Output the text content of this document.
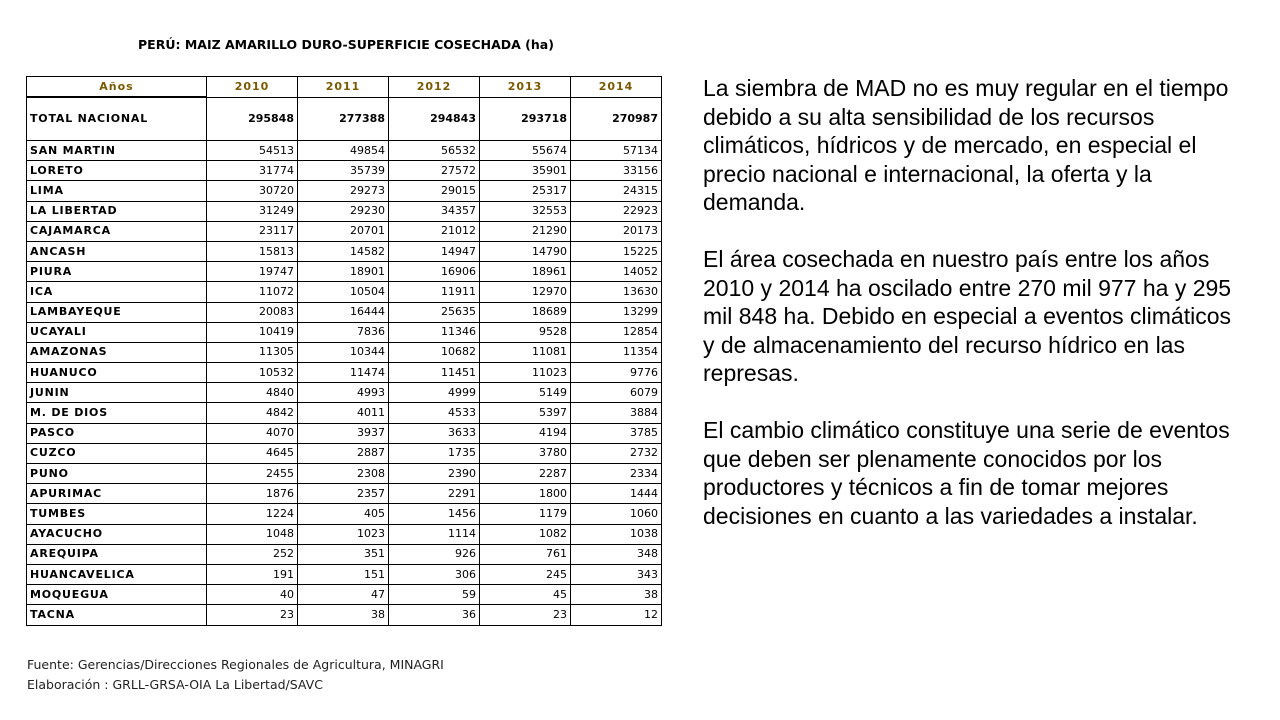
PERÚ: MAIZ AMARILLO DURO-SUPERFICIE COSECHADA (ha)
Años	2010	2011	2012	2013	2014
TOTAL NACIONAL	295848	277388	294843	293718	270987
SAN MARTIN	54513	49854	56532	55674	57134
LORETO	31774	35739	27572	35901	33156
LIMA	30720	29273	29015	25317	24315
LA LIBERTAD	31249	29230	34357	32553	22923
CAJAMARCA	23117	20701	21012	21290	20173
ANCASH	15813	14582	14947	14790	15225
PIURA	19747	18901	16906	18961	14052
ICA	11072	10504	11911	12970	13630
LAMBAYEQUE	20083	16444	25635	18689	13299
UCAYALI	10419	7836	11346	9528	12854
AMAZONAS	11305	10344	10682	11081	11354
HUANUCO	10532	11474	11451	11023	9776
JUNIN	4840	4993	4999	5149	6079
M. DE DIOS	4842	4011	4533	5397	3884
PASCO	4070	3937	3633	4194	3785
CUZCO	4645	2887	1735	3780	2732
PUNO	2455	2308	2390	2287	2334
APURIMAC	1876	2357	2291	1800	1444
TUMBES	1224	405	1456	1179	1060
AYACUCHO	1048	1023	1114	1082	1038
AREQUIPA	252	351	926	761	348
HUANCAVELICA	191	151	306	245	343
MOQUEGUA	40	47	59	45	38
TACNA	23	38	36	23	12
Fuente: Gerencias/Direcciones Regionales de Agricultura, MINAGRI
Elaboración : GRLL-GRSA-OIA La Libertad/SAVC

La siembra de MAD no es muy regular en el tiempo debido a su alta sensibilidad de los recursos climáticos, hídricos y de mercado, en especial el precio nacional e internacional, la oferta y la demanda.

El área cosechada en nuestro país entre los años 2010 y 2014 ha oscilado entre 270 mil 977 ha y 295 mil 848 ha. Debido en especial a eventos climáticos y de almacenamiento del recurso hídrico en las represas.

El cambio climático constituye una serie de eventos que deben ser plenamente conocidos por los productores y técnicos a fin de tomar mejores decisiones en cuanto a las variedades a instalar.
